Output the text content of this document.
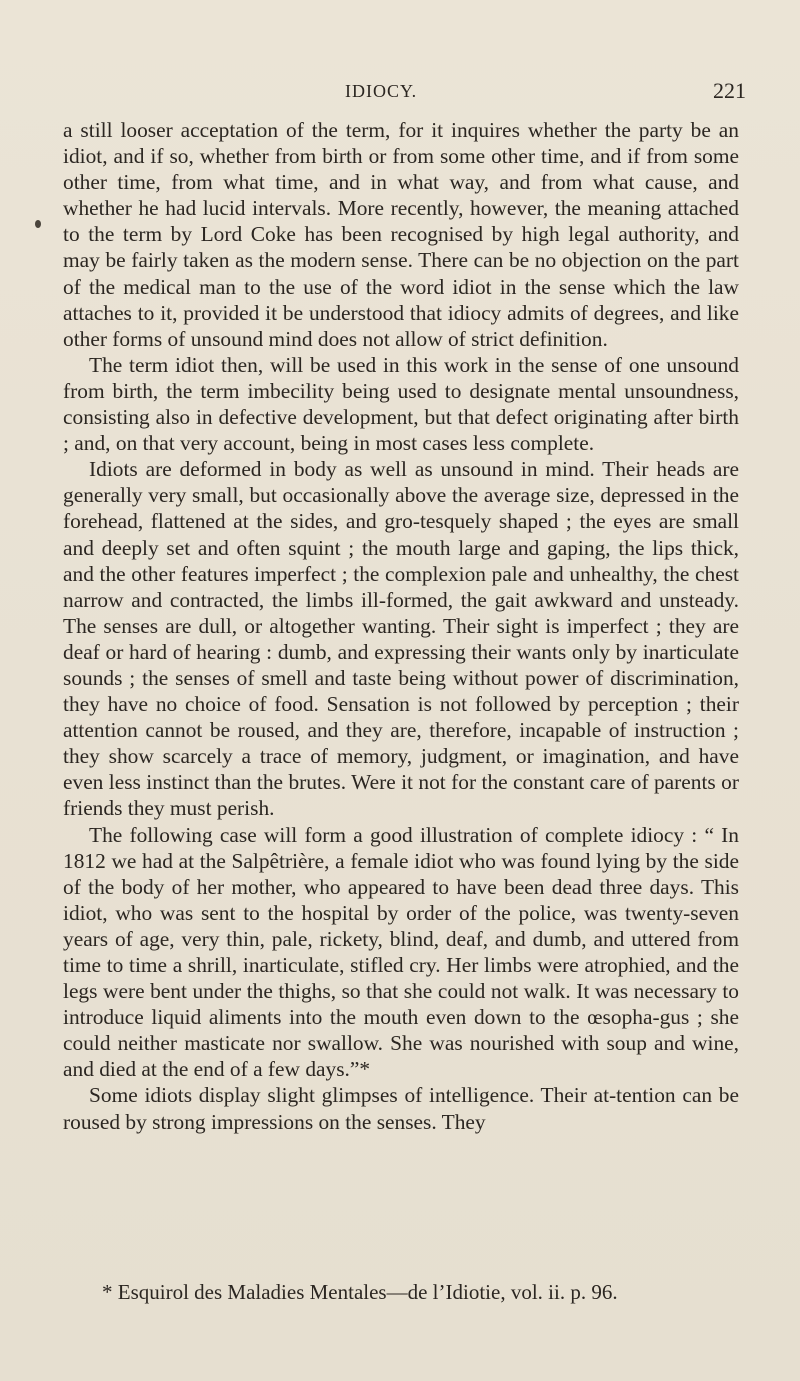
IDIOCY.	221

a still looser acceptation of the term, for it inquires whether the party be an idiot, and if so, whether from birth or from some other time, and if from some other time, from what time, and in what way, and from what cause, and whether he had lucid intervals. More recently, however, the meaning attached to the term by Lord Coke has been recognised by high legal authority, and may be fairly taken as the modern sense. There can be no objection on the part of the medical man to the use of the word idiot in the sense which the law attaches to it, provided it be understood that idiocy admits of degrees, and like other forms of unsound mind does not allow of strict definition.

The term idiot then, will be used in this work in the sense of one unsound from birth, the term imbecility being used to designate mental unsoundness, consisting also in defective development, but that defect originating after birth ; and, on that very account, being in most cases less complete.

Idiots are deformed in body as well as unsound in mind. Their heads are generally very small, but occasionally above the average size, depressed in the forehead, flattened at the sides, and gro-tesquely shaped ; the eyes are small and deeply set and often squint ; the mouth large and gaping, the lips thick, and the other features imperfect ; the complexion pale and unhealthy, the chest narrow and contracted, the limbs ill-formed, the gait awkward and unsteady. The senses are dull, or altogether wanting. Their sight is imperfect ; they are deaf or hard of hearing : dumb, and expressing their wants only by inarticulate sounds ; the senses of smell and taste being without power of discrimination, they have no choice of food. Sensation is not followed by perception ; their attention cannot be roused, and they are, therefore, incapable of instruction ; they show scarcely a trace of memory, judgment, or imagination, and have even less instinct than the brutes. Were it not for the constant care of parents or friends they must perish.

The following case will form a good illustration of complete idiocy : “ In 1812 we had at the Salpêtrière, a female idiot who was found lying by the side of the body of her mother, who appeared to have been dead three days. This idiot, who was sent to the hospital by order of the police, was twenty-seven years of age, very thin, pale, rickety, blind, deaf, and dumb, and uttered from time to time a shrill, inarticulate, stifled cry. Her limbs were atrophied, and the legs were bent under the thighs, so that she could not walk. It was necessary to introduce liquid aliments into the mouth even down to the œsopha-gus ; she could neither masticate nor swallow. She was nourished with soup and wine, and died at the end of a few days.”*

Some idiots display slight glimpses of intelligence. Their at-tention can be roused by strong impressions on the senses. They

* Esquirol des Maladies Mentales—de l’Idiotie, vol. ii. p. 96.
